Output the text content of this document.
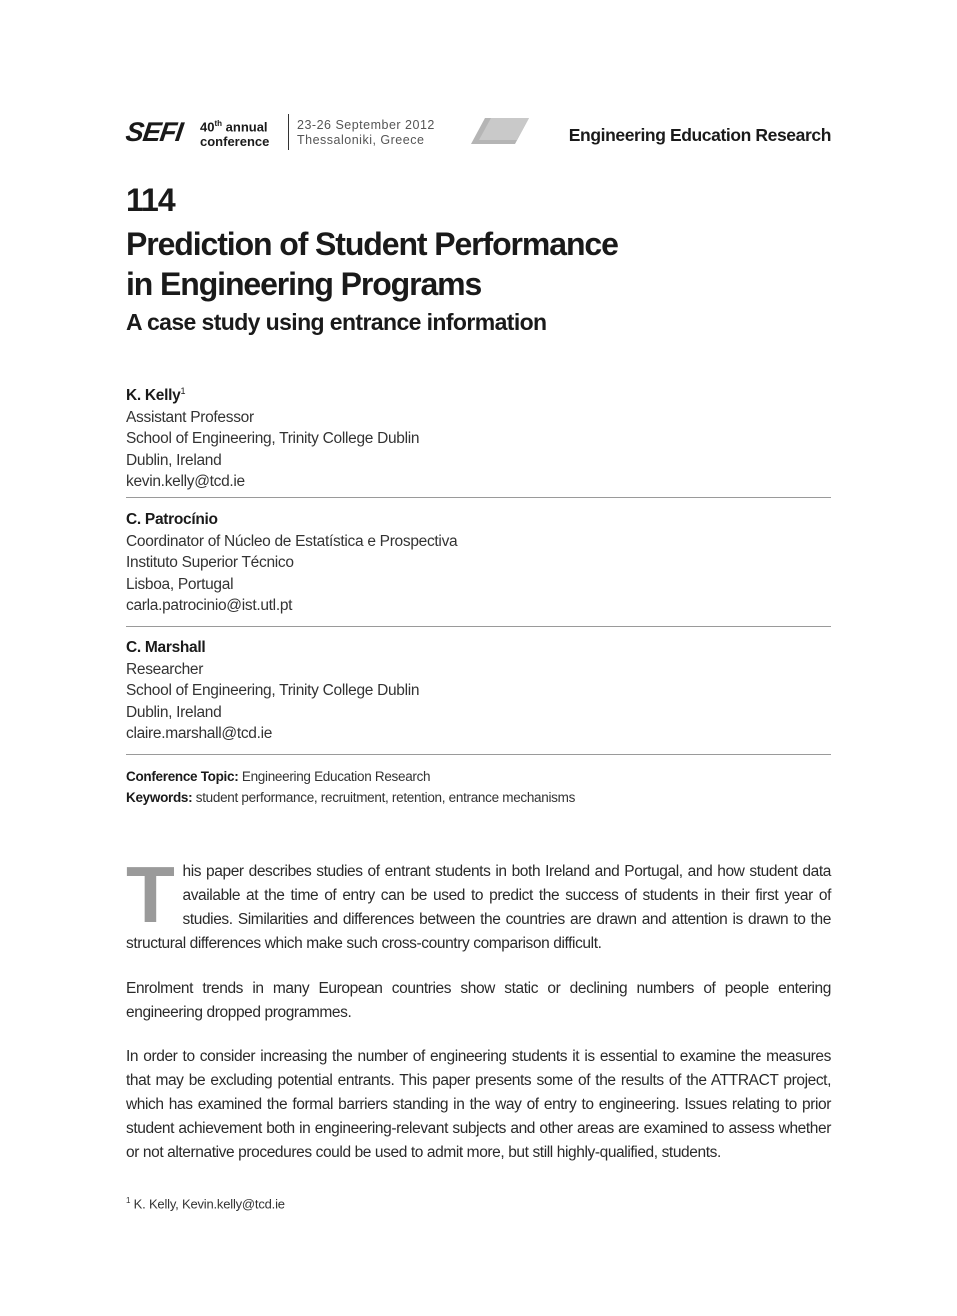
SEFI 40th annual
conference
23-26 September 2012
Thessaloniki, Greece	Engineering Education Research
114
Prediction of Student Performance
in Engineering Programs
A case study using entrance information
K. Kelly$^1$
Assistant Professor
School of Engineering, Trinity College Dublin
Dublin, Ireland
kevin.kelly@tcd.ie
C. Patrocínio
Coordinator of Núcleo de Estatística e Prospectiva
Instituto Superior Técnico
Lisboa, Portugal
carla.patrocinio@ist.utl.pt
C. Marshall
Researcher
School of Engineering, Trinity College Dublin
Dublin, Ireland
claire.marshall@tcd.ie
Conference Topic: Engineering Education Research
Keywords: student performance, recruitment, retention, entrance mechanisms
This paper describes studies of entrant students in both Ireland and Portugal, and how student data available at the time of entry can be used to predict the success of students in their first year of studies. Similarities and differences between the countries are drawn and attention is drawn to the structural differences which make such cross-country comparison difficult.
Enrolment trends in many European countries show static or declining numbers of people entering engineering dropped programmes.
In order to consider increasing the number of engineering students it is essential to examine the measures that may be excluding potential entrants. This paper presents some of the results of the ATTRACT project, which has examined the formal barriers standing in the way of entry to engineering. Issues relating to prior student achievement both in engineering-relevant subjects and other areas are examined to assess whether or not alternative procedures could be used to admit more, but still highly-qualified, students.
$^1$ K. Kelly, Kevin.kelly@tcd.ie
